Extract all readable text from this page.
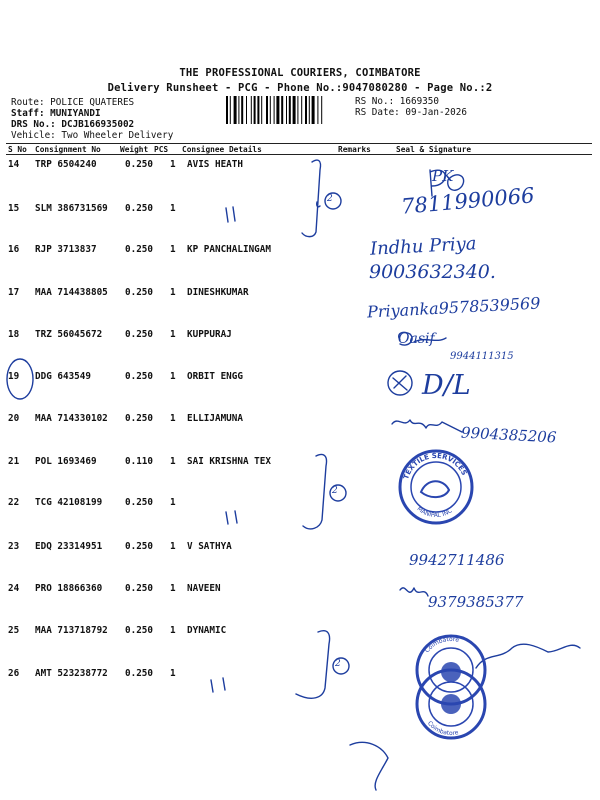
THE PROFESSIONAL COURIERS, COIMBATORE
Delivery Runsheet - PCG - Phone No.:9047080280 - Page No.:2
Route: POLICE QUATERES
Staff: MUNIYANDI
DRS No.: DCJB166935002
Vehicle: Two Wheeler Delivery
RS No.: 1669350
RS Date: 09-Jan-2026
S No Consignment No Weight PCS Consignee Details	Remarks	Seal & Signature
14 TRP 6504240	0.250 1 AVIS HEATH
15 SLM 386731569 0.250 1
16 RJP 3713837	0.250 1 KP PANCHALINGAM
17 MAA 714438805 0.250 1 DINESHKUMAR
18 TRZ 56045672 0.250 1 KUPPURAJ
19 DDG 643549	0.250 1 ORBIT ENGG
20 MAA 714330102 0.250 1 ELLIJAMUNA
21 POL 1693469	0.110 1 SAI KRISHNA TEX
22 TCG 42108199 0.250 1
23 EDQ 23314951 0.250 1 V SATHYA
24 PRO 18866360 0.250 1 NAVEEN
25 MAA 713718792 0.250 1 DYNAMIC
26 AMT 523238772 0.250 1
PK
7811990066
2
Indhu Priya
9003632340.
Priyanka9578539569
Oasif
9944111315
D/L
9904385206
2
9942711486
9379385377
2
TEXTILE SERVICES
MANIPAL INC
Coimbatore
Coimbatore
